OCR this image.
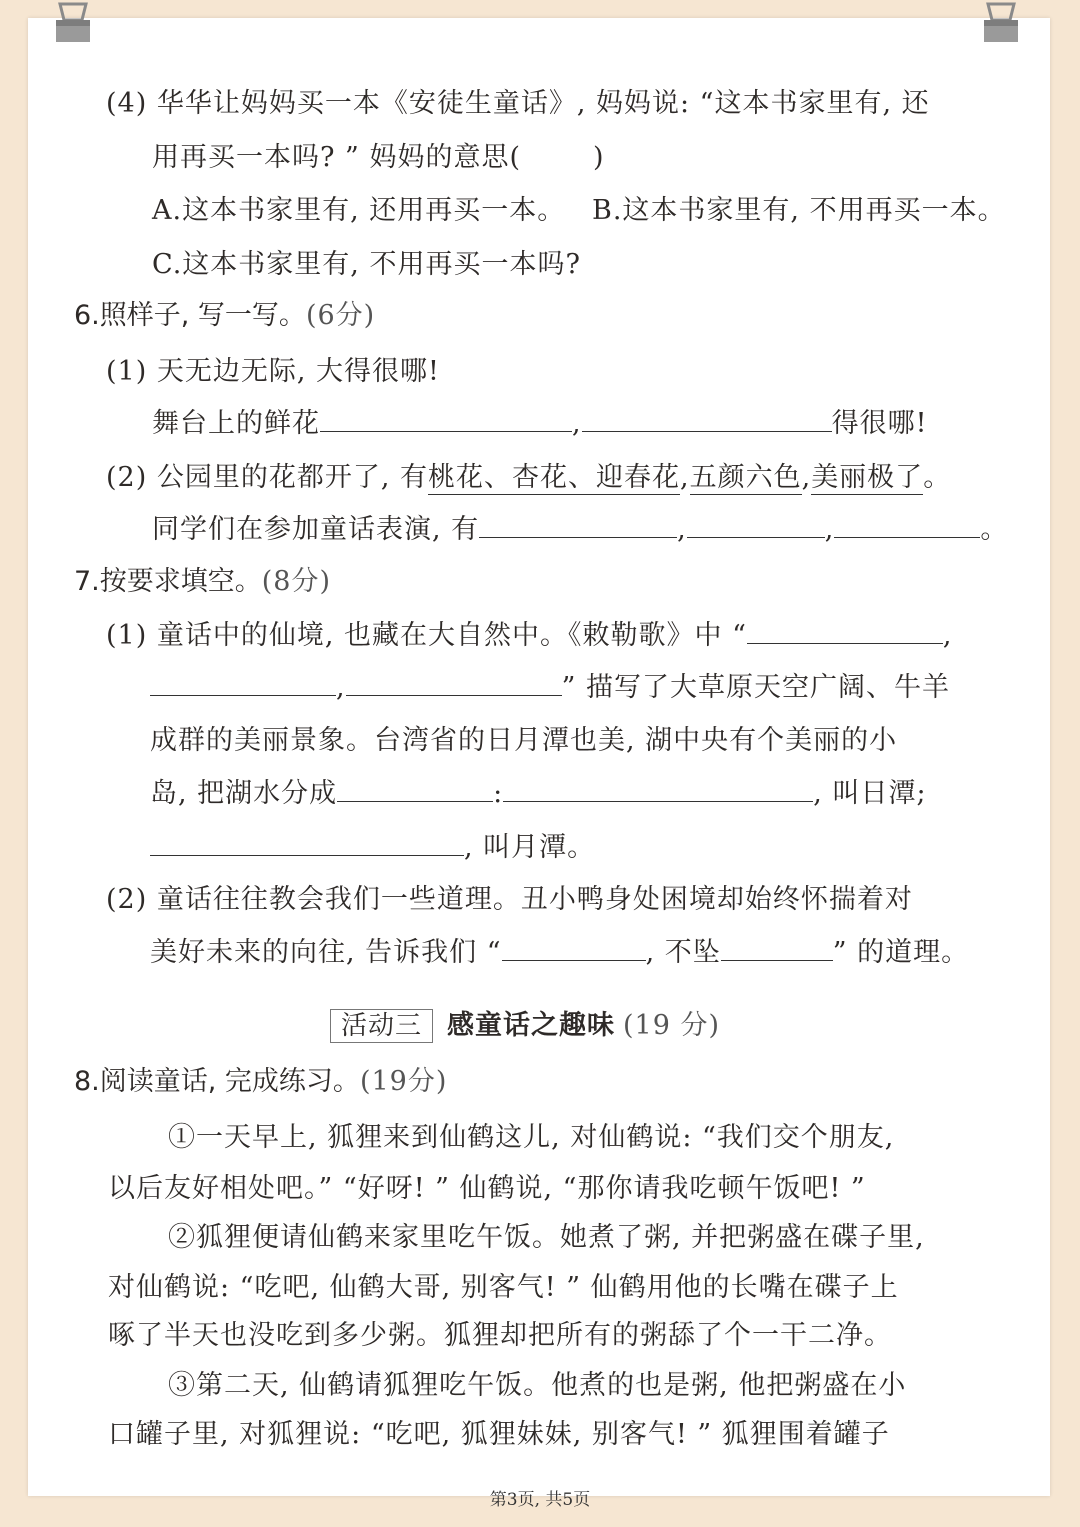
(4) 华华让妈妈买一本《安徒生童话》, 妈妈说: “这本书家里有, 还
用再买一本吗? ” 妈妈的意思(	)
A.这本书家里有, 还用再买一本。 B.这本书家里有, 不用再买一本。
C.这本书家里有, 不用再买一本吗?
6.照样子, 写一写。(6分)
(1) 天无边无际, 大得很哪!
舞台上的鲜花	,	得很哪!
(2) 公园里的花都开了, 有桃花、杏花、迎春花,五颜六色,美丽极了。
同学们在参加童话表演, 有	,	,	。
7.按要求填空。(8分)
(1) 童话中的仙境, 也藏在大自然中。《敕勒歌》中 “	,
,	” 描写了大草原天空广阔、牛羊
成群的美丽景象。台湾省的日月潭也美, 湖中央有个美丽的小
岛, 把湖水分成	:	, 叫日潭;
, 叫月潭。
(2) 童话往往教会我们一些道理。丑小鸭身处困境却始终怀揣着对
美好未来的向往, 告诉我们 “	, 不坠	” 的道理。
活动三 感童话之趣味 (19 分)
8.阅读童话, 完成练习。(19分)
①一天早上, 狐狸来到仙鹤这儿, 对仙鹤说: “我们交个朋友,
以后友好相处吧。” “好呀! ” 仙鹤说, “那你请我吃顿午饭吧! ”
②狐狸便请仙鹤来家里吃午饭。她煮了粥, 并把粥盛在碟子里,
对仙鹤说: “吃吧, 仙鹤大哥, 别客气! ” 仙鹤用他的长嘴在碟子上
啄了半天也没吃到多少粥。狐狸却把所有的粥舔了个一干二净。
③第二天, 仙鹤请狐狸吃午饭。他煮的也是粥, 他把粥盛在小
口罐子里, 对狐狸说: “吃吧, 狐狸妹妹, 别客气! ” 狐狸围着罐子
第3页, 共5页
